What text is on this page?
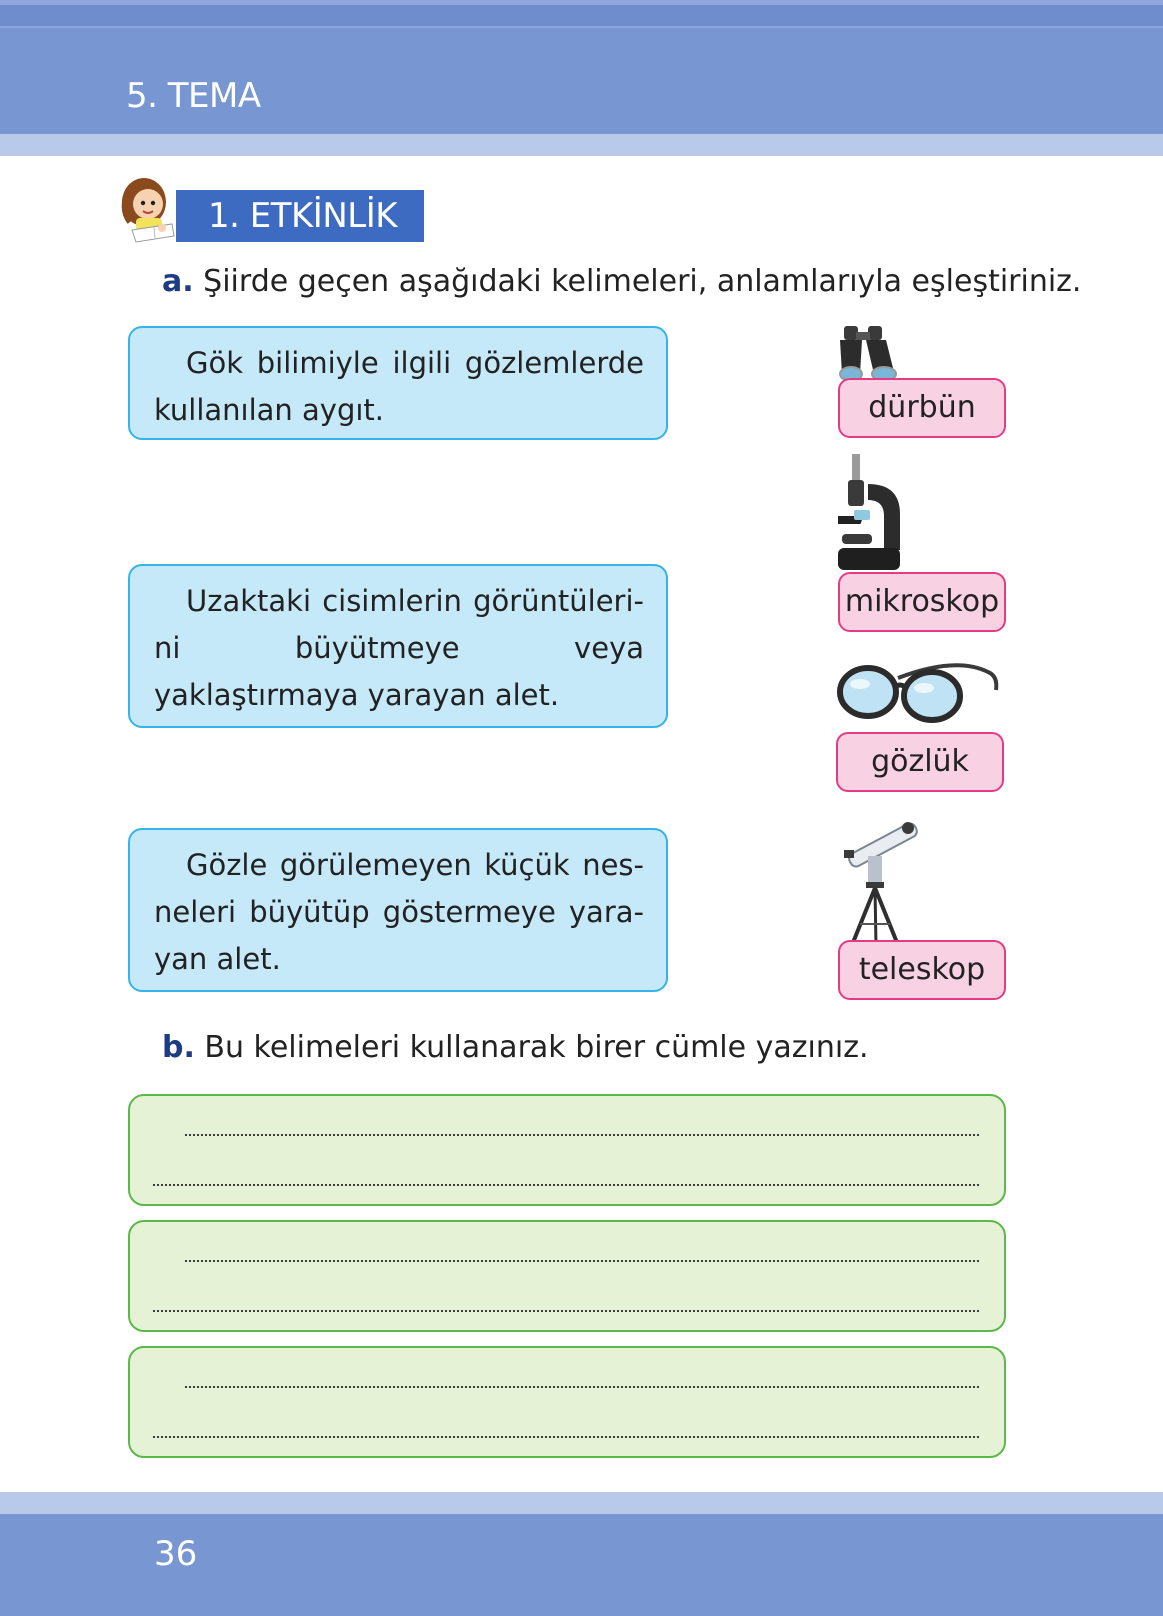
5. TEMA
1. ETKİNLİK
a. Şiirde geçen aşağıdaki kelimeleri, anlamlarıyla eşleştiriniz.
Gök bilimiyle ilgili gözlemlerde kullanılan aygıt.
Uzaktaki cisimlerin görüntüleri-ni büyütmeye veya yaklaştırmaya yarayan alet.
Gözle görülemeyen küçük nes-neleri büyütüp göstermeye yara-yan alet.
dürbün
mikroskop
gözlük
teleskop
b. Bu kelimeleri kullanarak birer cümle yazınız.
36
